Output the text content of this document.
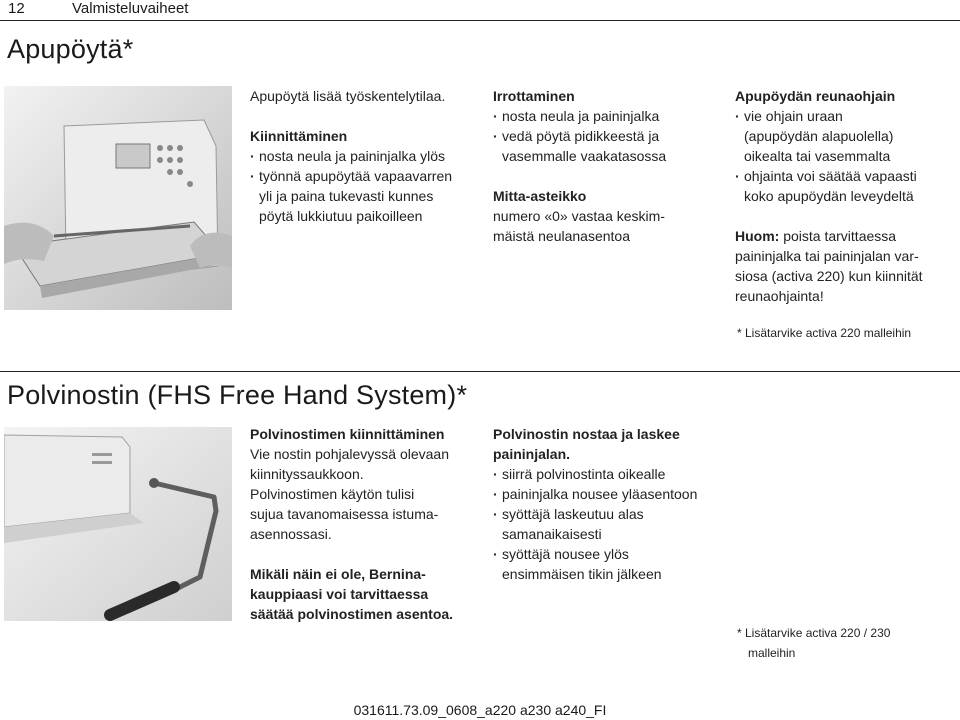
12	Valmisteluvaiheet
Apupöytä*
Apupöytä lisää työskentelytilaa.
Kiinnittäminen
· nosta neula ja paininjalka ylös
· työnnä apupöytää vapaavarren
yli ja paina tukevasti kunnes
pöytä lukkiutuu paikoilleen
Irrottaminen
· nosta neula ja paininjalka
· vedä pöytä pidikkeestä ja
vasemmalle vaakatasossa
Mitta-asteikko
numero «0» vastaa keskim-
mäistä neulanasentoa
Apupöydän reunaohjain
· vie ohjain uraan
(apupöydän alapuolella)
oikealta tai vasemmalta
· ohjainta voi säätää vapaasti
koko apupöydän leveydeltä
Huom: poista tarvittaessa
paininjalka tai paininjalan var-
siosa (activa 220) kun kiinnität
reunaohjainta!
* Lisätarvike activa 220 malleihin
Polvinostin (FHS Free Hand System)*
Polvinostimen kiinnittäminen
Vie nostin pohjalevyssä olevaan
kiinnityssaukkoon.
Polvinostimen käytön tulisi
sujua tavanomaisessa istuma-
asennossasi.
Mikäli näin ei ole, Bernina-
kauppiaasi voi tarvittaessa
säätää polvinostimen asentoa.
Polvinostin nostaa ja laskee
paininjalan.
· siirrä polvinostinta oikealle
· paininjalka nousee yläasentoon
· syöttäjä laskeutuu alas
samanaikaisesti
· syöttäjä nousee ylös
ensimmäisen tikin jälkeen
* Lisätarvike activa 220 / 230
malleihin
031611.73.09_0608_a220 a230 a240_FI
